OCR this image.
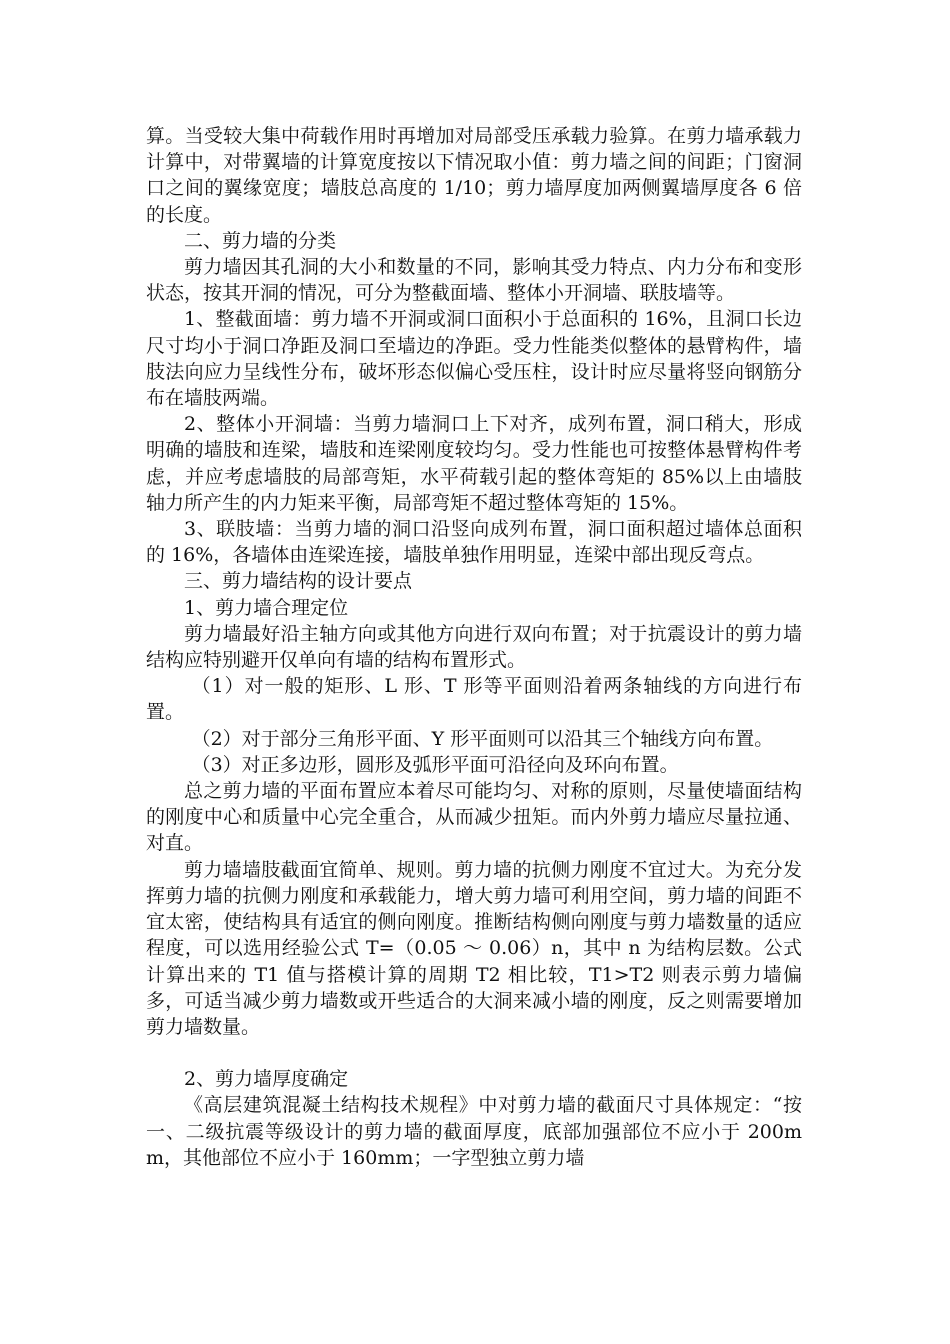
算。当受较大集中荷载作用时再增加对局部受压承载力验算。在剪力墙承载力计算中，对带翼墙的计算宽度按以下情况取小值：剪力墙之间的间距；门窗洞口之间的翼缘宽度；墙肢总高度的 1/10；剪力墙厚度加两侧翼墙厚度各 6 倍的长度。

二、剪力墙的分类

剪力墙因其孔洞的大小和数量的不同，影响其受力特点、内力分布和变形状态，按其开洞的情况，可分为整截面墙、整体小开洞墙、联肢墙等。

1、整截面墙：剪力墙不开洞或洞口面积小于总面积的 16%，且洞口长边尺寸均小于洞口净距及洞口至墙边的净距。受力性能类似整体的悬臂构件，墙肢法向应力呈线性分布，破坏形态似偏心受压柱，设计时应尽量将竖向钢筋分布在墙肢两端。

2、整体小开洞墙：当剪力墙洞口上下对齐，成列布置，洞口稍大，形成明确的墙肢和连梁，墙肢和连梁刚度较均匀。受力性能也可按整体悬臂构件考虑，并应考虑墙肢的局部弯矩，水平荷载引起的整体弯矩的 85%以上由墙肢轴力所产生的内力矩来平衡，局部弯矩不超过整体弯矩的 15%。

3、联肢墙：当剪力墙的洞口沿竖向成列布置，洞口面积超过墙体总面积的 16%，各墙体由连梁连接，墙肢单独作用明显，连梁中部出现反弯点。

三、剪力墙结构的设计要点

1、剪力墙合理定位

剪力墙最好沿主轴方向或其他方向进行双向布置；对于抗震设计的剪力墙结构应特别避开仅单向有墙的结构布置形式。

（1）对一般的矩形、L 形、T 形等平面则沿着两条轴线的方向进行布置。

（2）对于部分三角形平面、Y 形平面则可以沿其三个轴线方向布置。

（3）对正多边形，圆形及弧形平面可沿径向及环向布置。

总之剪力墙的平面布置应本着尽可能均匀、对称的原则，尽量使墙面结构的刚度中心和质量中心完全重合，从而减少扭矩。而内外剪力墙应尽量拉通、对直。

剪力墙墙肢截面宜简单、规则。剪力墙的抗侧力刚度不宜过大。为充分发挥剪力墙的抗侧力刚度和承载能力，增大剪力墙可利用空间，剪力墙的间距不宜太密，使结构具有适宜的侧向刚度。推断结构侧向刚度与剪力墙数量的适应程度，可以选用经验公式 T=（0.05 ～ 0.06）n，其中 n 为结构层数。公式计算出来的 T1 值与搭模计算的周期 T2 相比较，T1>T2 则表示剪力墙偏多，可适当减少剪力墙数或开些适合的大洞来减小墙的刚度，反之则需要增加剪力墙数量。

2、剪力墙厚度确定

《高层建筑混凝土结构技术规程》中对剪力墙的截面尺寸具体规定：“按一、二级抗震等级设计的剪力墙的截面厚度，底部加强部位不应小于 200mm，其他部位不应小于 160mm；一字型独立剪力墙
